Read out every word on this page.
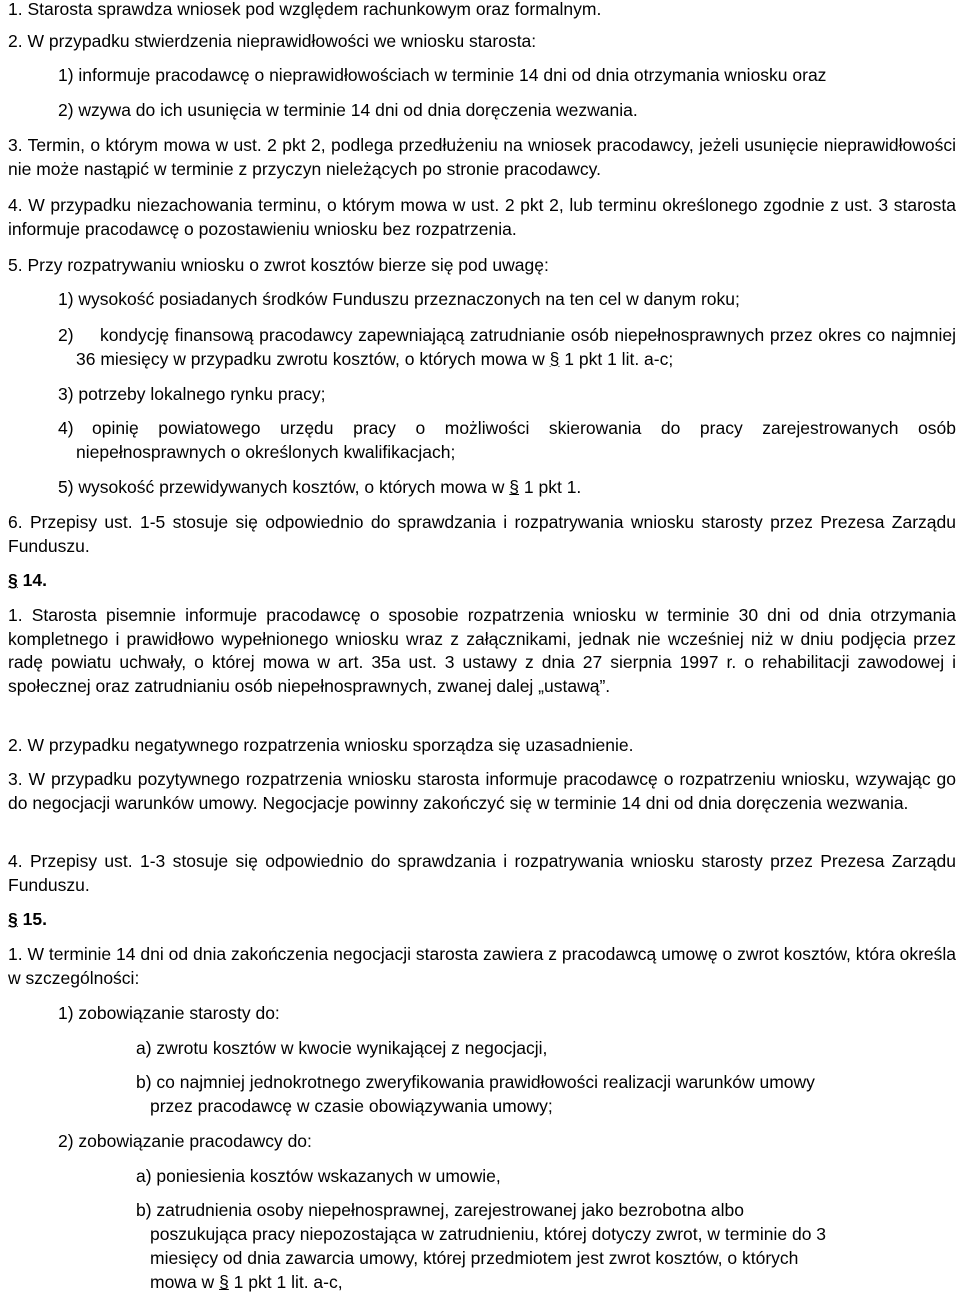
1. Starosta sprawdza wniosek pod względem rachunkowym oraz formalnym.
2. W przypadku stwierdzenia nieprawidłowości we wniosku starosta:
1) informuje pracodawcę o nieprawidłowościach w terminie 14 dni od dnia otrzymania wniosku oraz
2) wzywa do ich usunięcia w terminie 14 dni od dnia doręczenia wezwania.
3. Termin, o którym mowa w ust. 2 pkt 2, podlega przedłużeniu na wniosek pracodawcy, jeżeli usunięcie nieprawidłowości nie może nastąpić w terminie z przyczyn nieleżących po stronie pracodawcy.
4. W przypadku niezachowania terminu, o którym mowa w ust. 2 pkt 2, lub terminu określonego zgodnie z ust. 3 starosta informuje pracodawcę o pozostawieniu wniosku bez rozpatrzenia.
5. Przy rozpatrywaniu wniosku o zwrot kosztów bierze się pod uwagę:
1) wysokość posiadanych środków Funduszu przeznaczonych na ten cel w danym roku;
2)	kondycję finansową pracodawcy zapewniającą zatrudnianie osób niepełnosprawnych przez okres co najmniej 36 miesięcy w przypadku zwrotu kosztów, o których mowa w § 1 pkt 1 lit. a-c;
3) potrzeby lokalnego rynku pracy;
4)	opinię powiatowego urzędu pracy o możliwości skierowania do pracy zarejestrowanych osób niepełnosprawnych o określonych kwalifikacjach;
5) wysokość przewidywanych kosztów, o których mowa w § 1 pkt 1.
6. Przepisy ust. 1-5 stosuje się odpowiednio do sprawdzania i rozpatrywania wniosku starosty przez Prezesa Zarządu Funduszu.
§ 14.
1. Starosta pisemnie informuje pracodawcę o sposobie rozpatrzenia wniosku w terminie 30 dni od dnia otrzymania kompletnego i prawidłowo wypełnionego wniosku wraz z załącznikami, jednak nie wcześniej niż w dniu podjęcia przez radę powiatu uchwały, o której mowa w art. 35a ust. 3 ustawy z dnia 27 sierpnia 1997 r. o rehabilitacji zawodowej i społecznej oraz zatrudnianiu osób niepełnosprawnych, zwanej dalej „ustawą”.
2. W przypadku negatywnego rozpatrzenia wniosku sporządza się uzasadnienie.
3. W przypadku pozytywnego rozpatrzenia wniosku starosta informuje pracodawcę o rozpatrzeniu wniosku, wzywając go do negocjacji warunków umowy. Negocjacje powinny zakończyć się w terminie 14 dni od dnia doręczenia wezwania.
4. Przepisy ust. 1-3 stosuje się odpowiednio do sprawdzania i rozpatrywania wniosku starosty przez Prezesa Zarządu Funduszu.
§ 15.
1. W terminie 14 dni od dnia zakończenia negocjacji starosta zawiera z pracodawcą umowę o zwrot kosztów, która określa w szczególności:
1) zobowiązanie starosty do:
a) zwrotu kosztów w kwocie wynikającej z negocjacji,
b) co najmniej jednokrotnego zweryfikowania prawidłowości realizacji warunków umowy
przez pracodawcę w czasie obowiązywania umowy;
2) zobowiązanie pracodawcy do:
a) poniesienia kosztów wskazanych w umowie,
b) zatrudnienia osoby niepełnosprawnej, zarejestrowanej jako bezrobotna albo
poszukująca pracy niepozostająca w zatrudnieniu, której dotyczy zwrot, w terminie do 3
miesięcy od dnia zawarcia umowy, której przedmiotem jest zwrot kosztów, o których
mowa w § 1 pkt 1 lit. a-c,
